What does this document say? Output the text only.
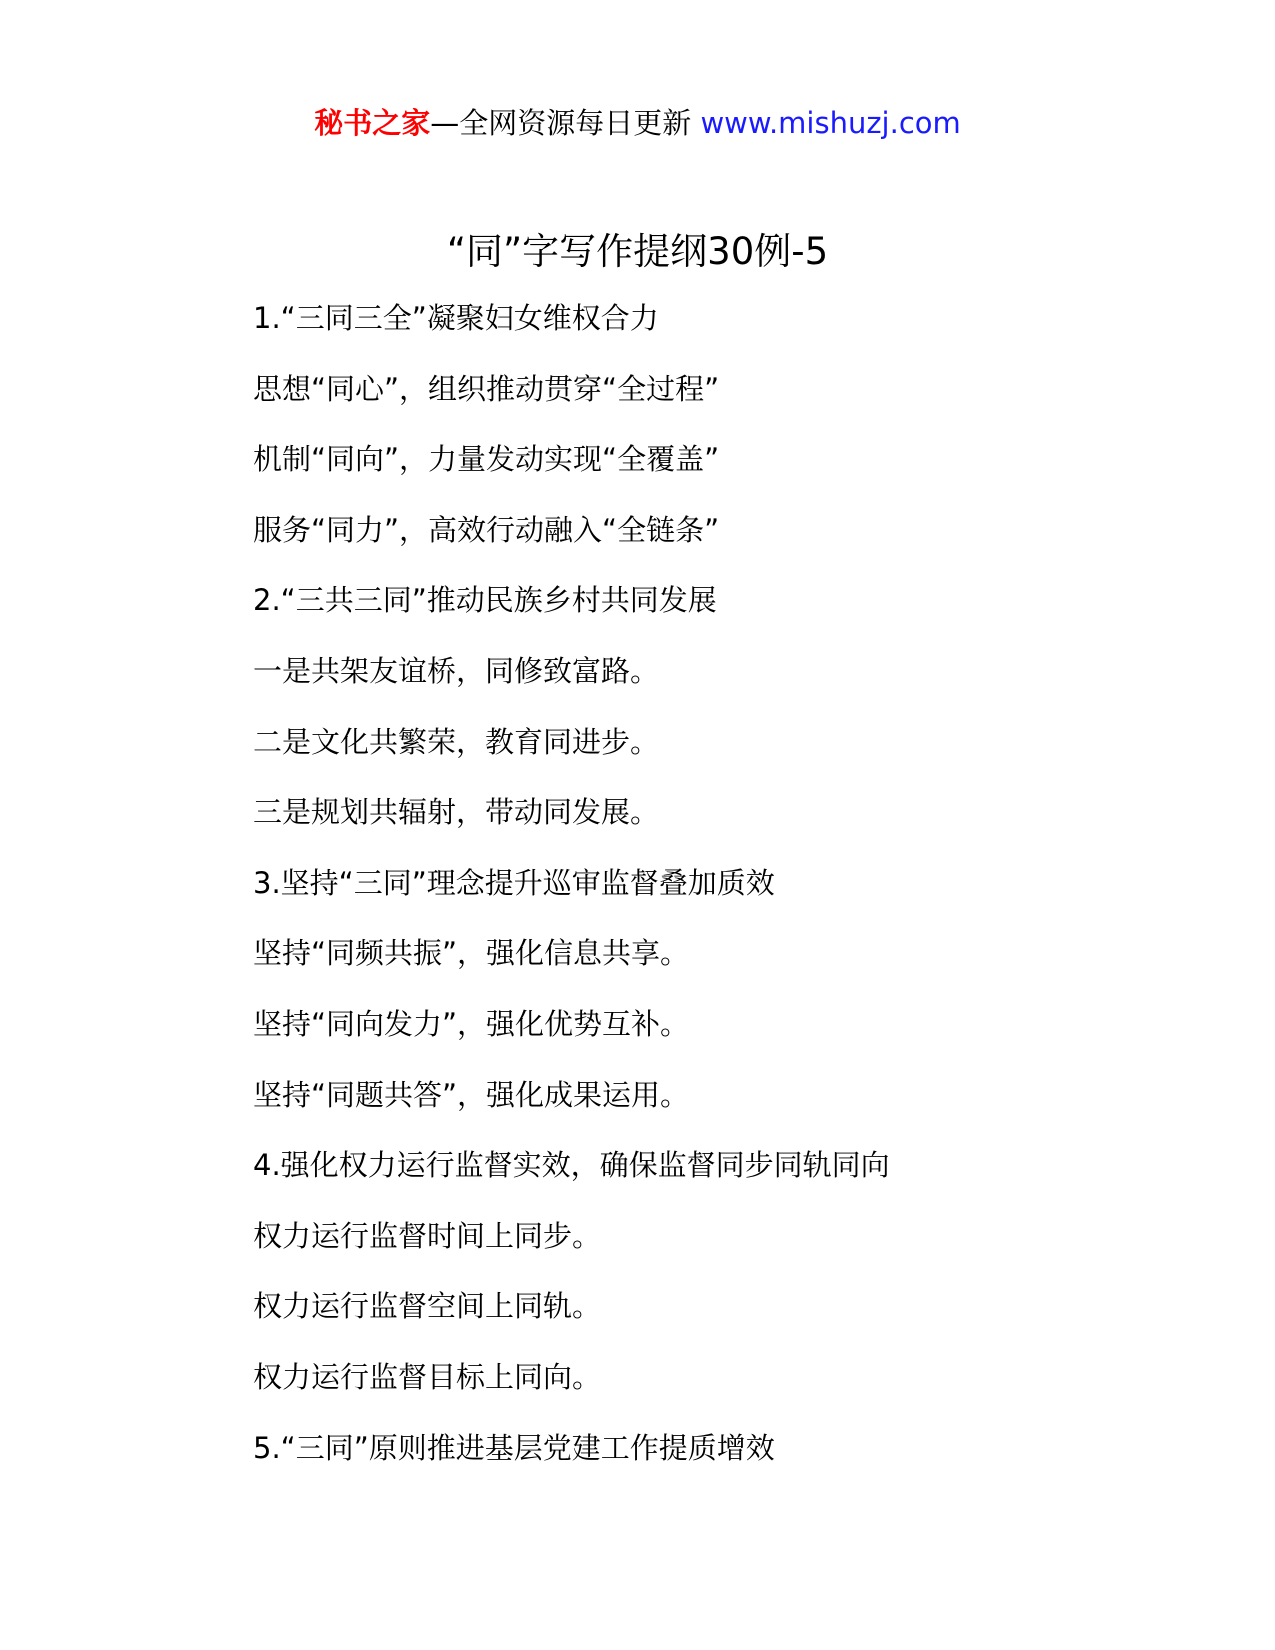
秘书之家—全网资源每日更新 www.mishuzj.com
“同”字写作提纲30例-5
1.“三同三全”凝聚妇女维权合力
思想“同心”，组织推动贯穿“全过程”
机制“同向”，力量发动实现“全覆盖”
服务“同力”，高效行动融入“全链条”
2.“三共三同”推动民族乡村共同发展
一是共架友谊桥，同修致富路。
二是文化共繁荣，教育同进步。
三是规划共辐射，带动同发展。
3.坚持“三同”理念提升巡审监督叠加质效
坚持“同频共振”，强化信息共享。
坚持“同向发力”，强化优势互补。
坚持“同题共答”，强化成果运用。
4.强化权力运行监督实效，确保监督同步同轨同向
权力运行监督时间上同步。
权力运行监督空间上同轨。
权力运行监督目标上同向。
5.“三同”原则推进基层党建工作提质增效
